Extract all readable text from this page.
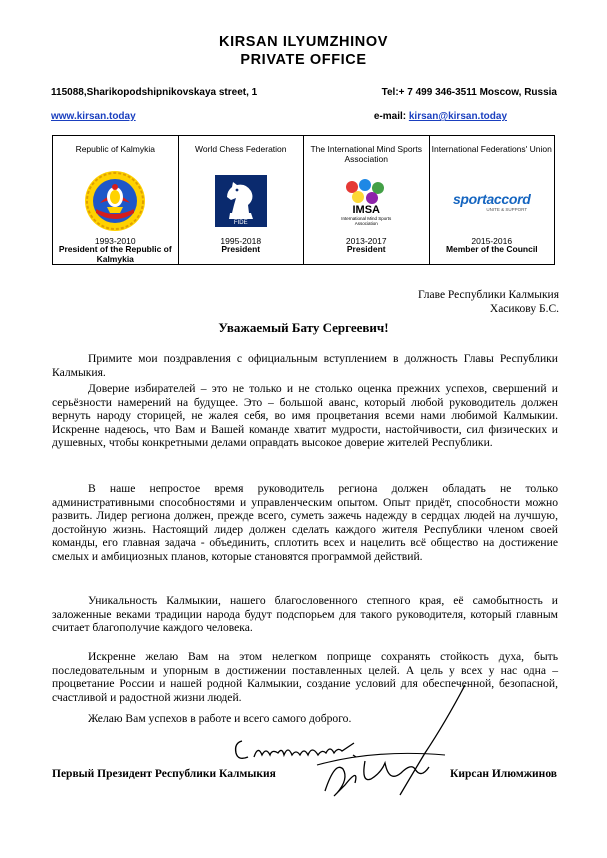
KIRSAN ILYUMZHINOV
PRIVATE OFFICE
115088,Sharikopodshipnikovskaya street, 1	Tel:+ 7 499 346-3511 Moscow, Russia
www.kirsan.today	e-mail: kirsan@kirsan.today
Republic of Kalmykia
1993-2010
President of the Republic of Kalmykia
World Chess Federation
FIDE
1995-2018
President
The International Mind Sports Association
IMSA
International Mind Sports Association
2013-2017
President
International Federations' Union
sportaccord
UNITE & SUPPORT
2015-2016
Member of the Council
Главе Республики Калмыкия
Хасикову Б.С.
Уважаемый Бату Сергеевич!

Примите мои поздравления с официальным вступлением в должность Главы Республики Калмыкия.

Доверие избирателей – это не только и не столько оценка прежних успехов, свершений и серьёзности намерений на будущее. Это – большой аванс, который любой руководитель должен вернуть народу сторицей, не жалея себя, во имя процветания всеми нами любимой Калмыкии. Искренне надеюсь, что Вам и Вашей команде хватит мудрости, настойчивости, сил физических и душевных, чтобы конкретными делами оправдать высокое доверие жителей Республики.

В наше непростое время руководитель региона должен обладать не только административными способностями и управленческим опытом. Опыт придёт, способности можно развить. Лидер региона должен, прежде всего, суметь зажечь надежду в сердцах людей на лучшую, достойную жизнь. Настоящий лидер должен сделать каждого жителя Республики членом своей команды, его главная задача - объединить, сплотить всех и нацелить всё общество на достижение смелых и амбициозных планов, которые становятся программой действий.

Уникальность Калмыкии, нашего благословенного степного края, её самобытность и заложенные веками традиции народа будут подспорьем для такого руководителя, который главным считает благополучие каждого человека.

Искренне желаю Вам на этом нелегком поприще сохранять стойкость духа, быть последовательным и упорным в достижении поставленных целей. А цель у всех у нас одна – процветание России и нашей родной Калмыкии, создание условий для обеспеченной, безопасной, счастливой и радостной жизни людей.

Желаю Вам успехов в работе и всего самого доброго.

Первый Президент Республики Калмыкия	Кирсан Илюмжинов
